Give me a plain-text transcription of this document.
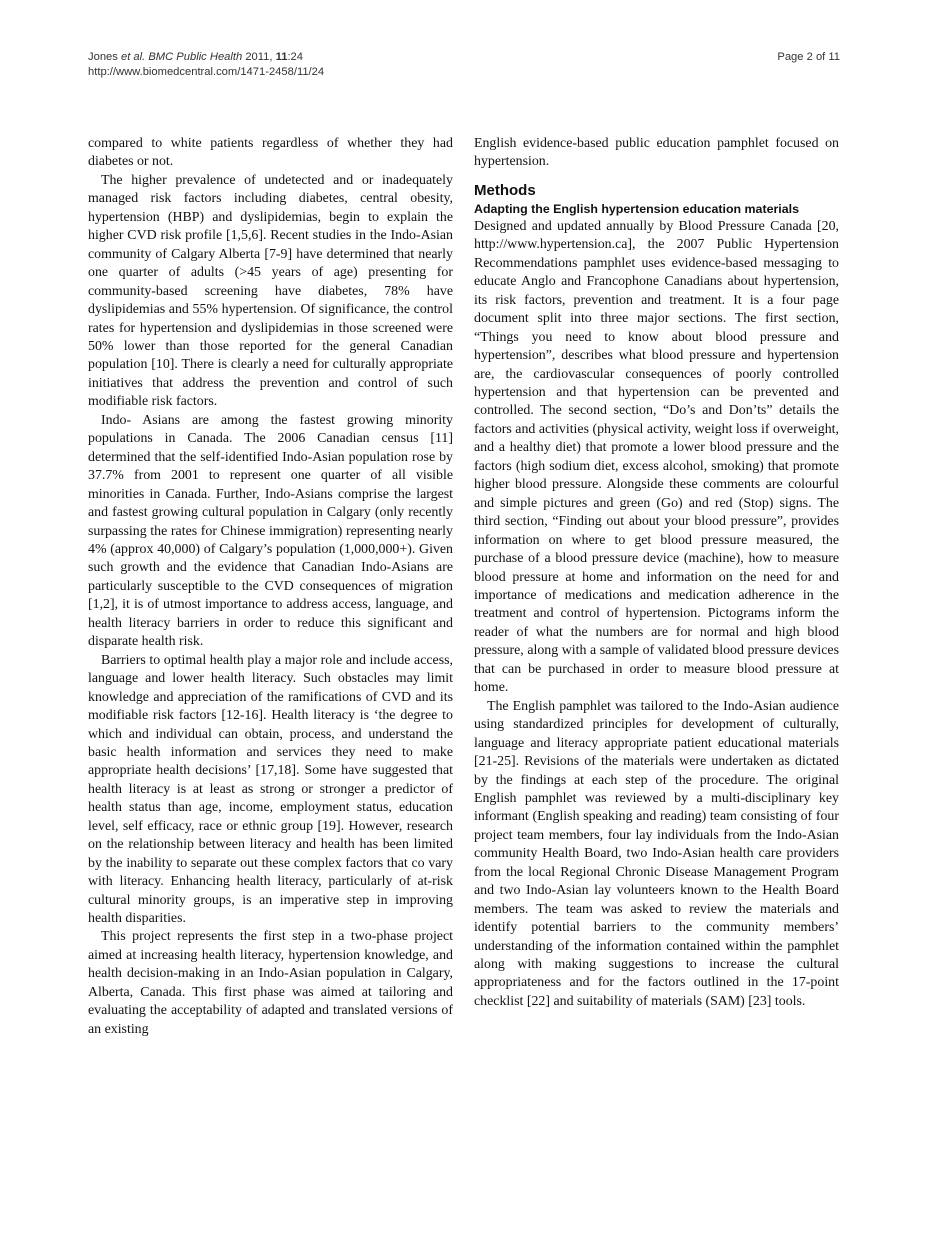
Jones et al. BMC Public Health 2011, 11:24
http://www.biomedcentral.com/1471-2458/11/24
Page 2 of 11

compared to white patients regardless of whether they had diabetes or not.

The higher prevalence of undetected and or inadequately managed risk factors including diabetes, central obesity, hypertension (HBP) and dyslipidemias, begin to explain the higher CVD risk profile [1,5,6]. Recent studies in the Indo-Asian community of Calgary Alberta [7-9] have determined that nearly one quarter of adults (>45 years of age) presenting for community-based screening have diabetes, 78% have dyslipidemias and 55% hypertension. Of significance, the control rates for hypertension and dyslipidemias in those screened were 50% lower than those reported for the general Canadian population [10]. There is clearly a need for culturally appropriate initiatives that address the prevention and control of such modifiable risk factors.

Indo- Asians are among the fastest growing minority populations in Canada. The 2006 Canadian census [11] determined that the self-identified Indo-Asian population rose by 37.7% from 2001 to represent one quarter of all visible minorities in Canada. Further, Indo-Asians comprise the largest and fastest growing cultural population in Calgary (only recently surpassing the rates for Chinese immigration) representing nearly 4% (approx 40,000) of Calgary’s population (1,000,000+). Given such growth and the evidence that Canadian Indo-Asians are particularly susceptible to the CVD consequences of migration [1,2], it is of utmost importance to address access, language, and health literacy barriers in order to reduce this significant and disparate health risk.

Barriers to optimal health play a major role and include access, language and lower health literacy. Such obstacles may limit knowledge and appreciation of the ramifications of CVD and its modifiable risk factors [12-16]. Health literacy is ‘the degree to which and individual can obtain, process, and understand the basic health information and services they need to make appropriate health decisions’ [17,18]. Some have suggested that health literacy is at least as strong or stronger a predictor of health status than age, income, employment status, education level, self efficacy, race or ethnic group [19]. However, research on the relationship between literacy and health has been limited by the inability to separate out these complex factors that co vary with literacy. Enhancing health literacy, particularly of at-risk cultural minority groups, is an imperative step in improving health disparities.

This project represents the first step in a two-phase project aimed at increasing health literacy, hypertension knowledge, and health decision-making in an Indo-Asian population in Calgary, Alberta, Canada. This first phase was aimed at tailoring and evaluating the acceptability of adapted and translated versions of an existing

English evidence-based public education pamphlet focused on hypertension.

Methods
Adapting the English hypertension education materials

Designed and updated annually by Blood Pressure Canada [20, http://www.hypertension.ca], the 2007 Public Hypertension Recommendations pamphlet uses evidence-based messaging to educate Anglo and Francophone Canadians about hypertension, its risk factors, prevention and treatment. It is a four page document split into three major sections. The first section, “Things you need to know about blood pressure and hypertension”, describes what blood pressure and hypertension are, the cardiovascular consequences of poorly controlled hypertension and that hypertension can be prevented and controlled. The second section, “Do’s and Don’ts” details the factors and activities (physical activity, weight loss if overweight, and a healthy diet) that promote a lower blood pressure and the factors (high sodium diet, excess alcohol, smoking) that promote higher blood pressure. Alongside these comments are colourful and simple pictures and green (Go) and red (Stop) signs. The third section, “Finding out about your blood pressure”, provides information on where to get blood pressure measured, the purchase of a blood pressure device (machine), how to measure blood pressure at home and information on the need for and importance of medications and medication adherence in the treatment and control of hypertension. Pictograms inform the reader of what the numbers are for normal and high blood pressure, along with a sample of validated blood pressure devices that can be purchased in order to measure blood pressure at home.

The English pamphlet was tailored to the Indo-Asian audience using standardized principles for development of culturally, language and literacy appropriate patient educational materials [21-25]. Revisions of the materials were undertaken as dictated by the findings at each step of the procedure. The original English pamphlet was reviewed by a multi-disciplinary key informant (English speaking and reading) team consisting of four project team members, four lay individuals from the Indo-Asian community Health Board, two Indo-Asian health care providers from the local Regional Chronic Disease Management Program and two Indo-Asian lay volunteers known to the Health Board members. The team was asked to review the materials and identify potential barriers to the community members’ understanding of the information contained within the pamphlet along with making suggestions to increase the cultural appropriateness and for the factors outlined in the 17-point checklist [22] and suitability of materials (SAM) [23] tools.
